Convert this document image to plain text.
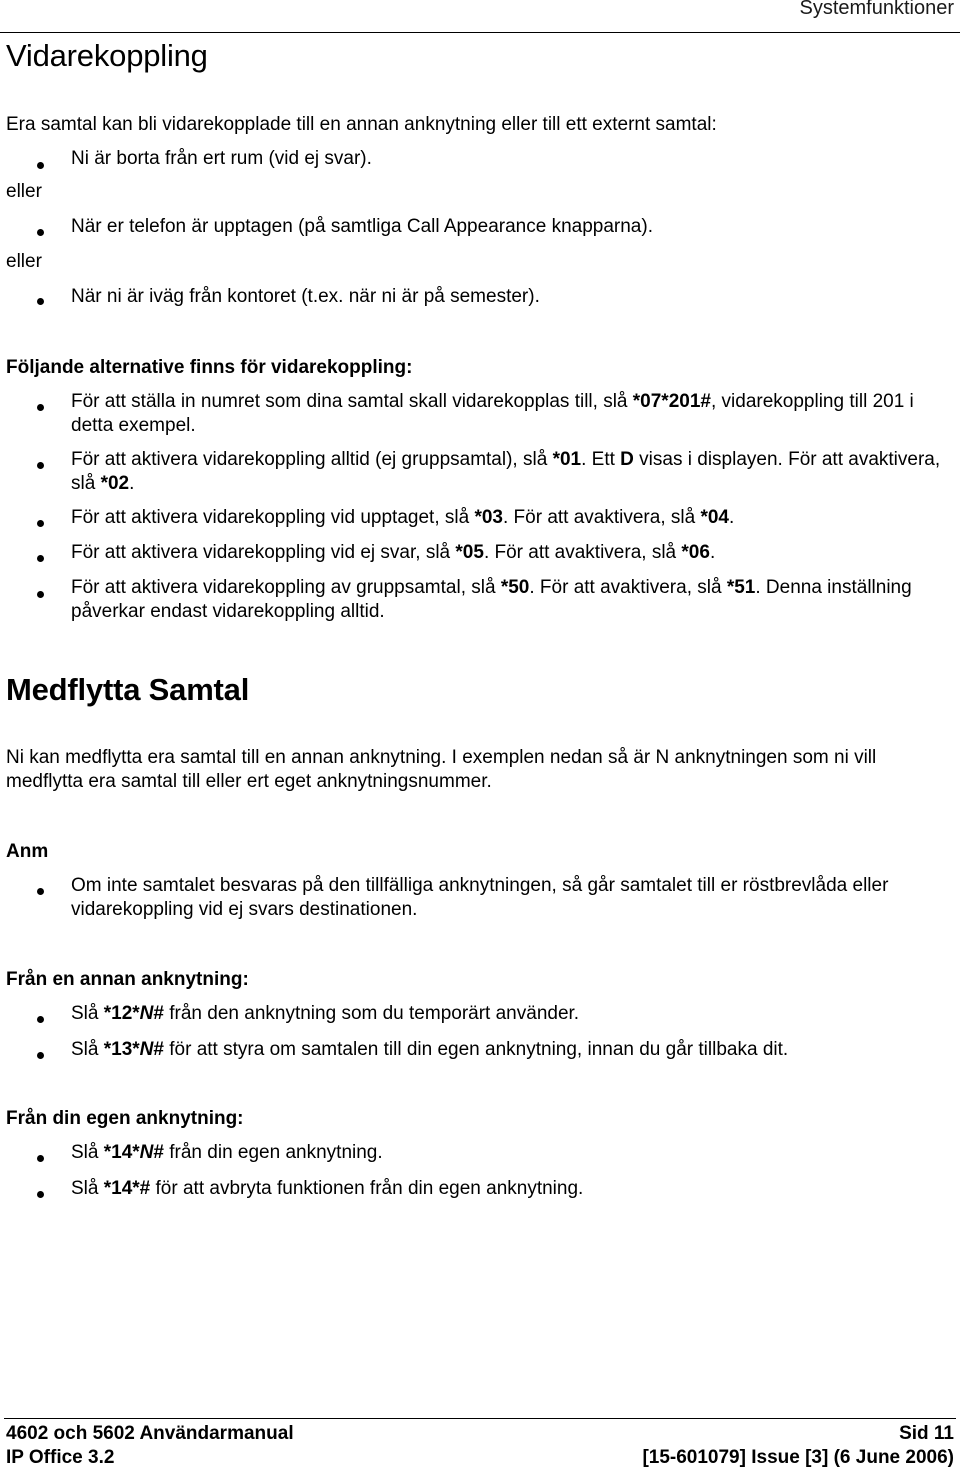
Systemfunktioner
Vidarekoppling
Era samtal kan bli vidarekopplade till en annan anknytning eller till ett externt samtal:
Ni är borta från ert rum (vid ej svar).
eller
När er telefon är upptagen (på samtliga Call Appearance knapparna).
eller
När ni är iväg från kontoret (t.ex. när ni är på semester).
Följande alternative finns för vidarekoppling:
För att ställa in numret som dina samtal skall vidarekopplas till, slå *07*201#, vidarekoppling till 201 i detta exempel.
För att aktivera vidarekoppling alltid (ej gruppsamtal), slå *01. Ett D visas i displayen. För att avaktivera, slå *02.
För att aktivera vidarekoppling vid upptaget, slå *03. För att avaktivera, slå *04.
För att aktivera vidarekoppling vid ej svar, slå *05. För att avaktivera, slå *06.
För att aktivera vidarekoppling av gruppsamtal, slå *50. För att avaktivera, slå *51. Denna inställning påverkar endast vidarekoppling alltid.
Medflytta Samtal
Ni kan medflytta era samtal till en annan anknytning. I exemplen nedan så är N anknytningen som ni vill medflytta era samtal till eller ert eget anknytningsnummer.
Anm
Om inte samtalet besvaras på den tillfälliga anknytningen, så går samtalet till er röstbrevlåda eller vidarekoppling vid ej svars destinationen.
Från en annan anknytning:
Slå *12*N# från den anknytning som du temporärt använder.
Slå *13*N# för att styra om samtalen till din egen anknytning, innan du går tillbaka dit.
Från din egen anknytning:
Slå *14*N# från din egen anknytning.
Slå *14*# för att avbryta funktionen från din egen anknytning.
4602 och 5602 Användarmanual	Sid 11
IP Office 3.2	[15-601079] Issue [3] (6 June 2006)
